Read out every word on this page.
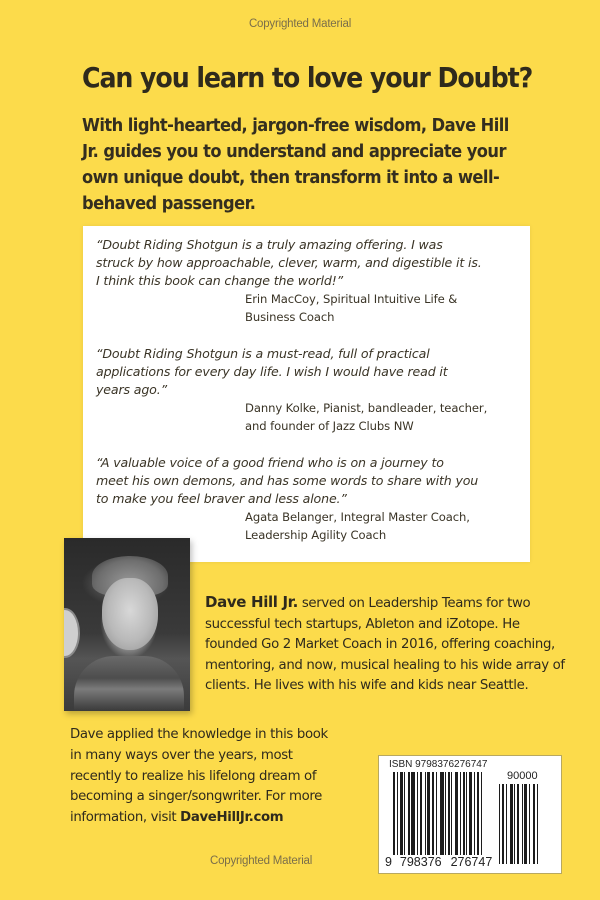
Copyrighted Material
Can you learn to love your Doubt?

With light-hearted, jargon-free wisdom, Dave Hill Jr. guides you to understand and appreciate your own unique doubt, then transform it into a well-behaved passenger.

“Doubt Riding Shotgun is a truly amazing offering. I was
struck by how approachable, clever, warm, and digestible it is.
I think this book can change the world!”
Erin MacCoy, Spiritual Intuitive Life &
Business Coach
“Doubt Riding Shotgun is a must-read, full of practical
applications for every day life. I wish I would have read it
years ago.”
Danny Kolke, Pianist, bandleader, teacher,
and founder of Jazz Clubs NW
“A valuable voice of a good friend who is on a journey to
meet his own demons, and has some words to share with you
to make you feel braver and less alone.”
Agata Belanger, Integral Master Coach,
Leadership Agility Coach

Dave Hill Jr. served on Leadership Teams for two successful tech startups, Ableton and iZotope. He founded Go 2 Market Coach in 2016, offering coaching, mentoring, and now, musical healing to his wide array of clients. He lives with his wife and kids near Seattle.

Dave applied the knowledge in this book in many ways over the years, most recently to realize his lifelong dream of becoming a singer/songwriter. For more information, visit DaveHillJr.com

Copyrighted Material
ISBN 9798376276747
90000
9 798376 276747
